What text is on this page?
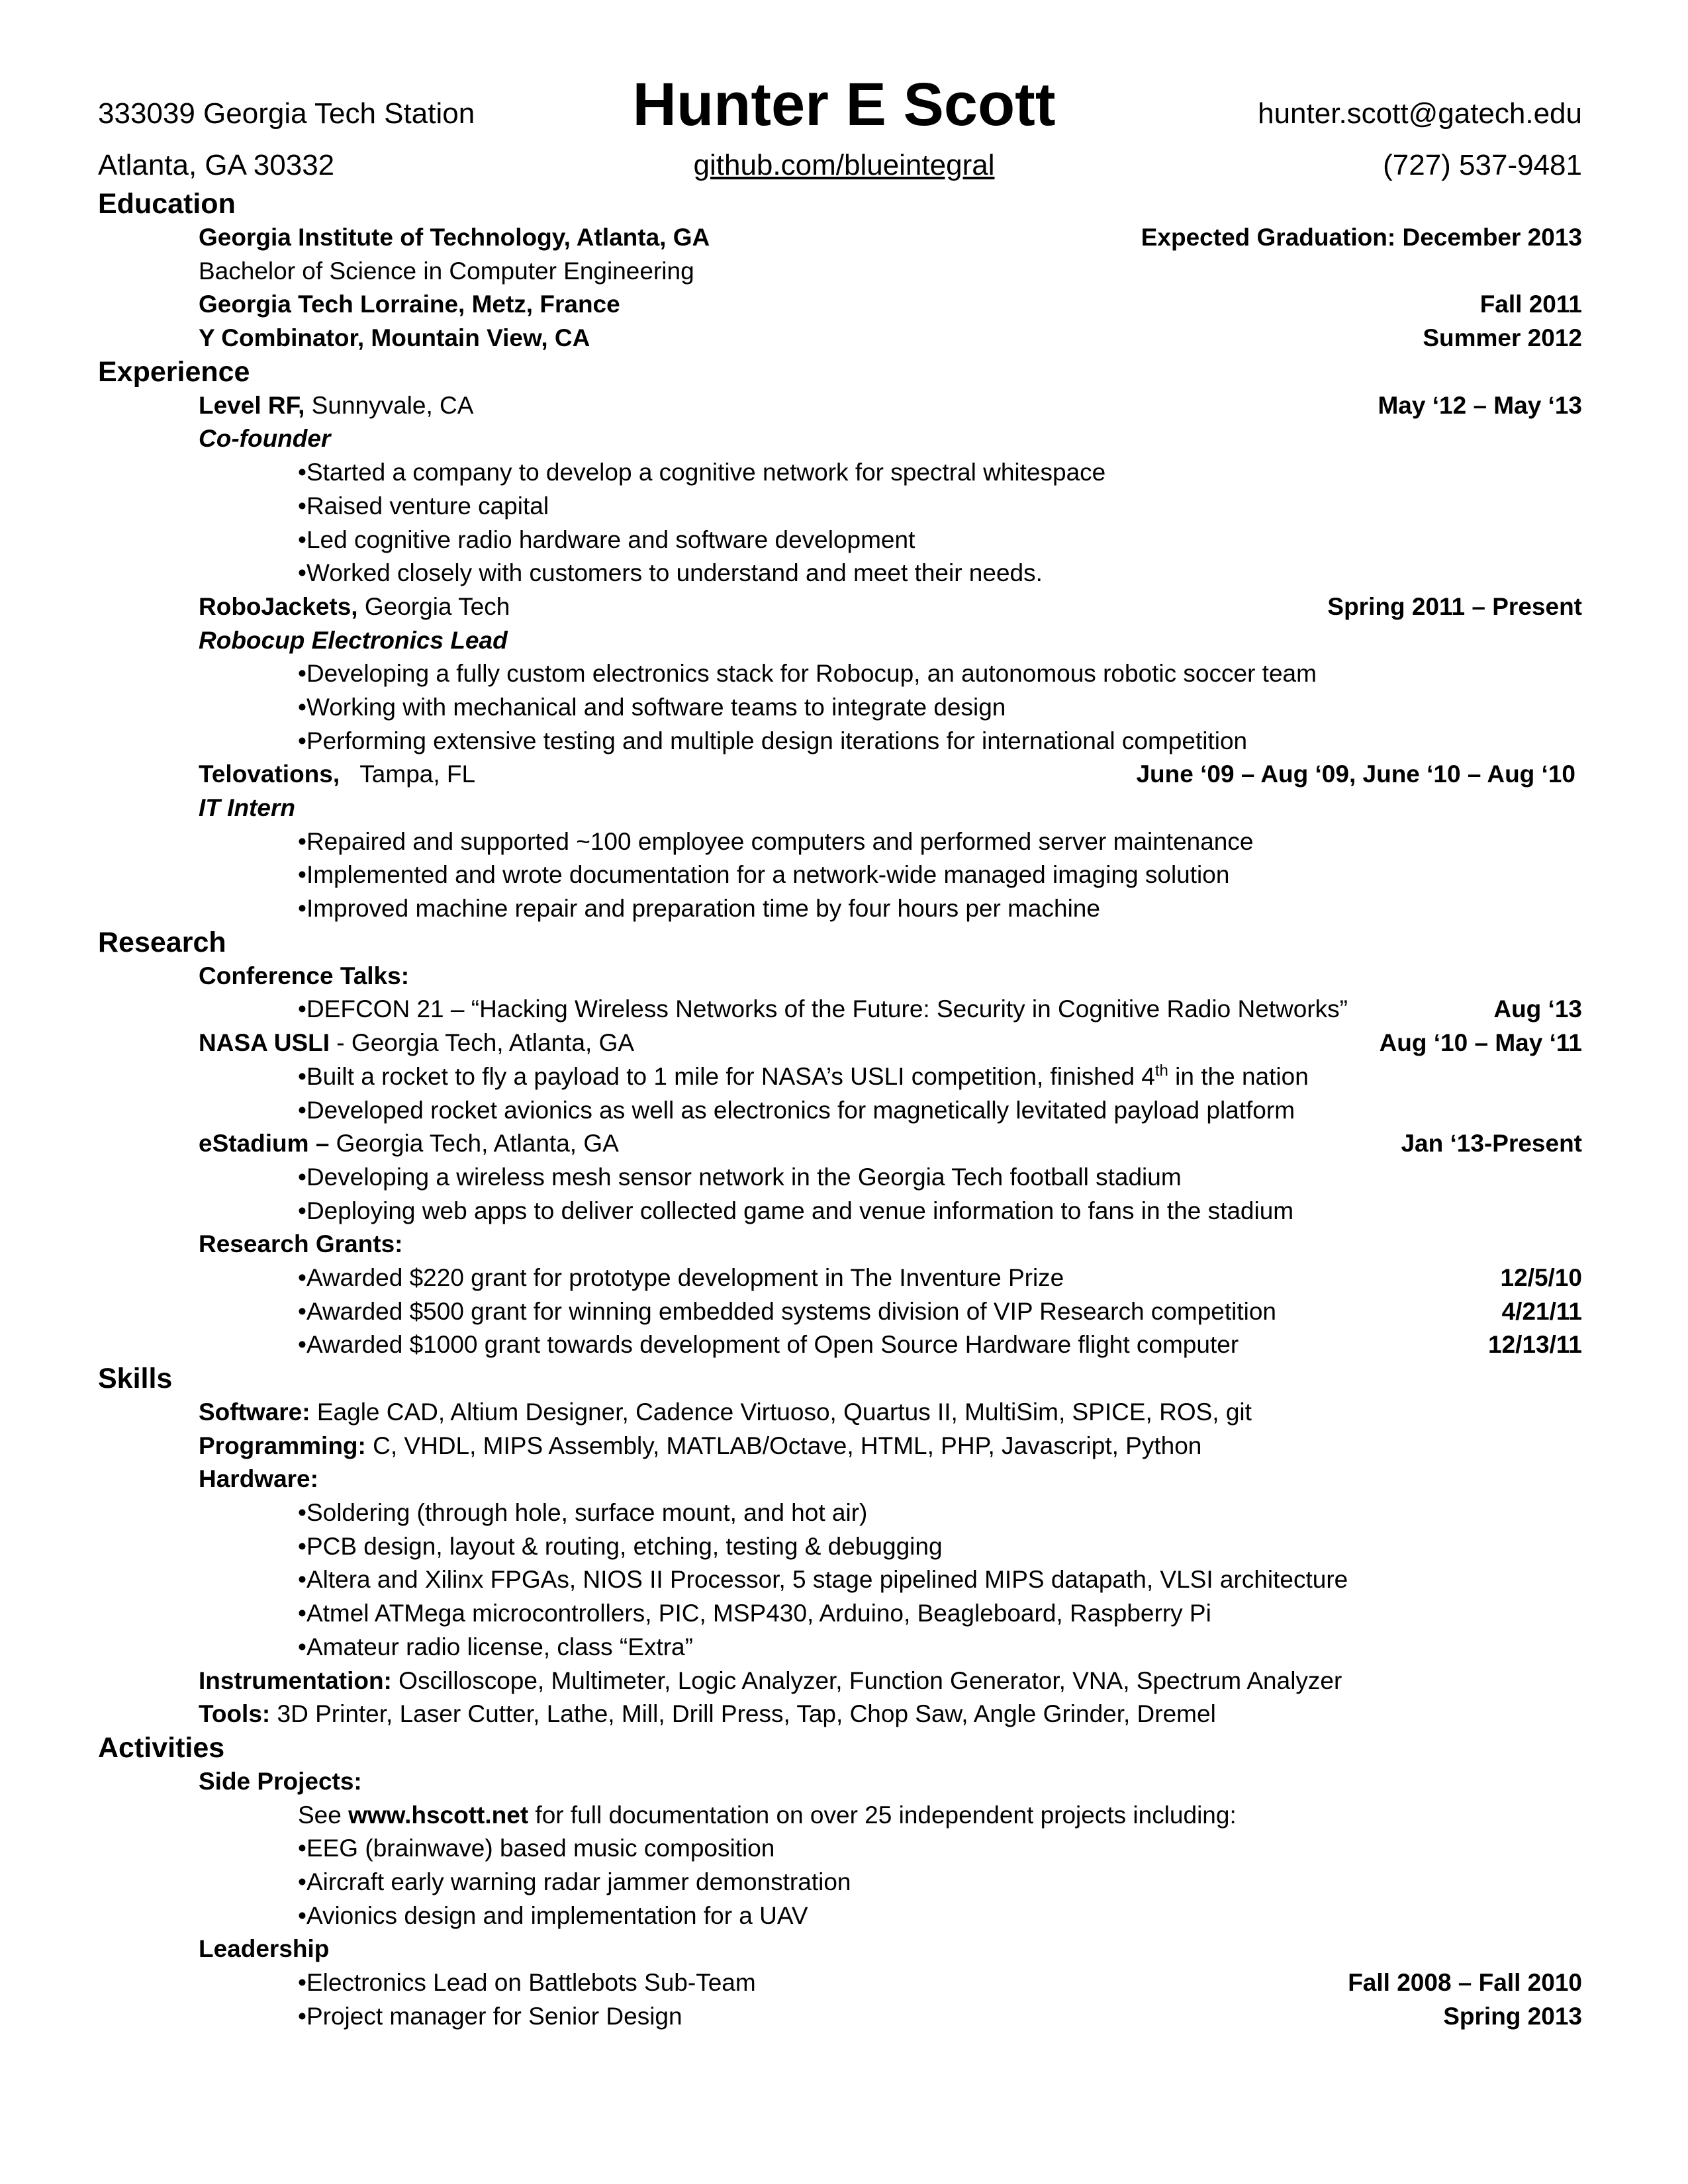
333039 Georgia Tech Station
Atlanta, GA 30332
Hunter E Scott
github.com/blueintegral
hunter.scott@gatech.edu
(727) 537-9481
Education
Georgia Institute of Technology, Atlanta, GA	Expected Graduation: December 2013
Bachelor of Science in Computer Engineering
Georgia Tech Lorraine, Metz, France	Fall 2011
Y Combinator, Mountain View, CA	Summer 2012
Experience
Level RF, Sunnyvale, CA	May ‘12 – May ‘13
Co-founder
•Started a company to develop a cognitive network for spectral whitespace
•Raised venture capital
•Led cognitive radio hardware and software development
•Worked closely with customers to understand and meet their needs.
RoboJackets, Georgia Tech	Spring 2011 – Present
Robocup Electronics Lead
•Developing a fully custom electronics stack for Robocup, an autonomous robotic soccer team
•Working with mechanical and software teams to integrate design
•Performing extensive testing and multiple design iterations for international competition
Telovations,   Tampa, FL	June ‘09 – Aug ‘09, June ‘10 – Aug ‘10
IT Intern
•Repaired and supported ~100 employee computers and performed server maintenance
•Implemented and wrote documentation for a network-wide managed imaging solution
•Improved machine repair and preparation time by four hours per machine
Research
Conference Talks:
•DEFCON 21 – “Hacking Wireless Networks of the Future: Security in Cognitive Radio Networks”	Aug ‘13
NASA USLI - Georgia Tech, Atlanta, GA	Aug ‘10 – May ‘11
•Built a rocket to fly a payload to 1 mile for NASA’s USLI competition, finished 4th in the nation
•Developed rocket avionics as well as electronics for magnetically levitated payload platform
eStadium – Georgia Tech, Atlanta, GA	Jan ‘13-Present
•Developing a wireless mesh sensor network in the Georgia Tech football stadium
•Deploying web apps to deliver collected game and venue information to fans in the stadium
Research Grants:
•Awarded $220 grant for prototype development in The Inventure Prize	12/5/10
•Awarded $500 grant for winning embedded systems division of VIP Research competition	4/21/11
•Awarded $1000 grant towards development of Open Source Hardware flight computer	12/13/11
Skills
Software: Eagle CAD, Altium Designer, Cadence Virtuoso, Quartus II, MultiSim, SPICE, ROS, git
Programming: C, VHDL, MIPS Assembly, MATLAB/Octave, HTML, PHP, Javascript, Python
Hardware:
•Soldering (through hole, surface mount, and hot air)
•PCB design, layout & routing, etching, testing & debugging
•Altera and Xilinx FPGAs, NIOS II Processor, 5 stage pipelined MIPS datapath, VLSI architecture
•Atmel ATMega microcontrollers, PIC, MSP430, Arduino, Beagleboard, Raspberry Pi
•Amateur radio license, class “Extra”
Instrumentation: Oscilloscope, Multimeter, Logic Analyzer, Function Generator, VNA, Spectrum Analyzer
Tools: 3D Printer, Laser Cutter, Lathe, Mill, Drill Press, Tap, Chop Saw, Angle Grinder, Dremel
Activities
Side Projects:
See www.hscott.net for full documentation on over 25 independent projects including:
•EEG (brainwave) based music composition
•Aircraft early warning radar jammer demonstration
•Avionics design and implementation for a UAV
Leadership
•Electronics Lead on Battlebots Sub-Team	Fall 2008 – Fall 2010
•Project manager for Senior Design	Spring 2013
